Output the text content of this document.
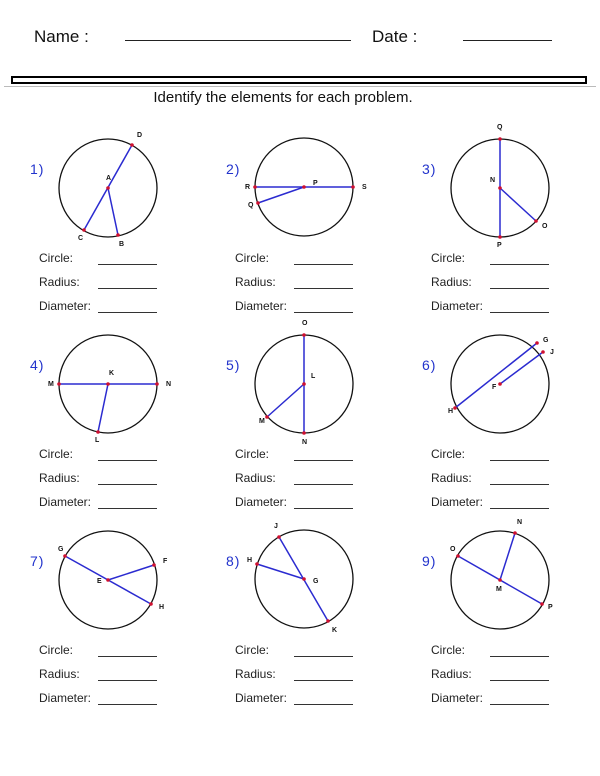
Name :	Date :
Identify the elements for each problem.
1)
Circle:
Radius:
Diameter:
2)
Circle:
Radius:
Diameter:
3)
Circle:
Radius:
Diameter:
4)
Circle:
Radius:
Diameter:
5)
Circle:
Radius:
Diameter:
6)
Circle:
Radius:
Diameter:
7)
Circle:
Radius:
Diameter:
8)
Circle:
Radius:
Diameter:
9)
Circle:
Radius:
Diameter:
A
D
C
B
P
R	S
Q
N
Q
P
O
K
M	N
L
L
O
N
M
F
G
J
H
E
G
F
H
G
J
H
K
M
O
N
P
